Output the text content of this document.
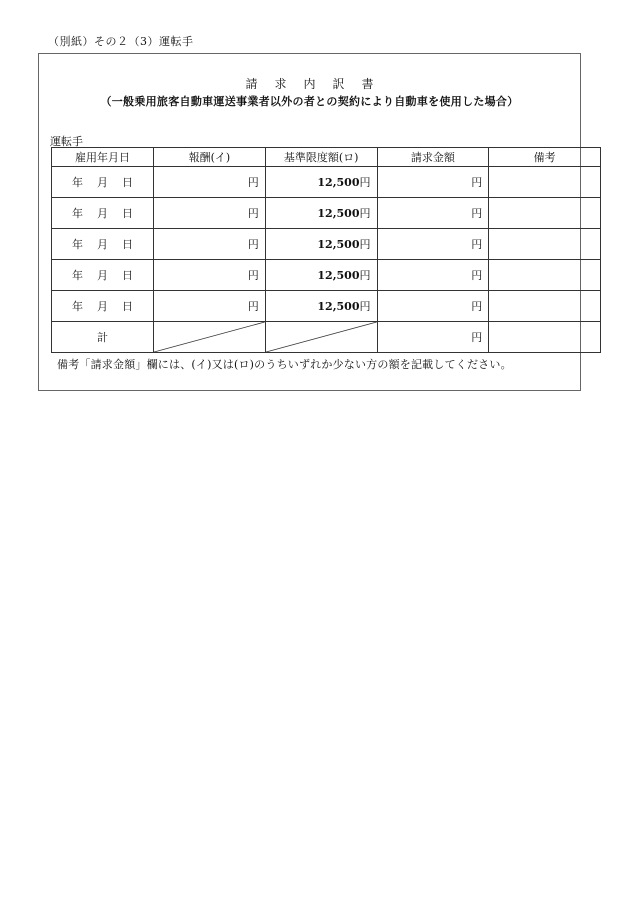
（別紙）その２（3）運転手
請求内訳書
（一般乗用旅客自動車運送事業者以外の者との契約により自動車を使用した場合）
運転手
雇用年月日	報酬(イ)	基準限度額(ロ)	請求金額	備考
年 月 日	円	12,500円	円	
年 月 日	円	12,500円	円	
年 月 日	円	12,500円	円	
年 月 日	円	12,500円	円	
年 月 日	円	12,500円	円	
計			円	
備考「請求金額」欄には、(イ)又は(ロ)のうちいずれか少ない方の額を記載してください。
